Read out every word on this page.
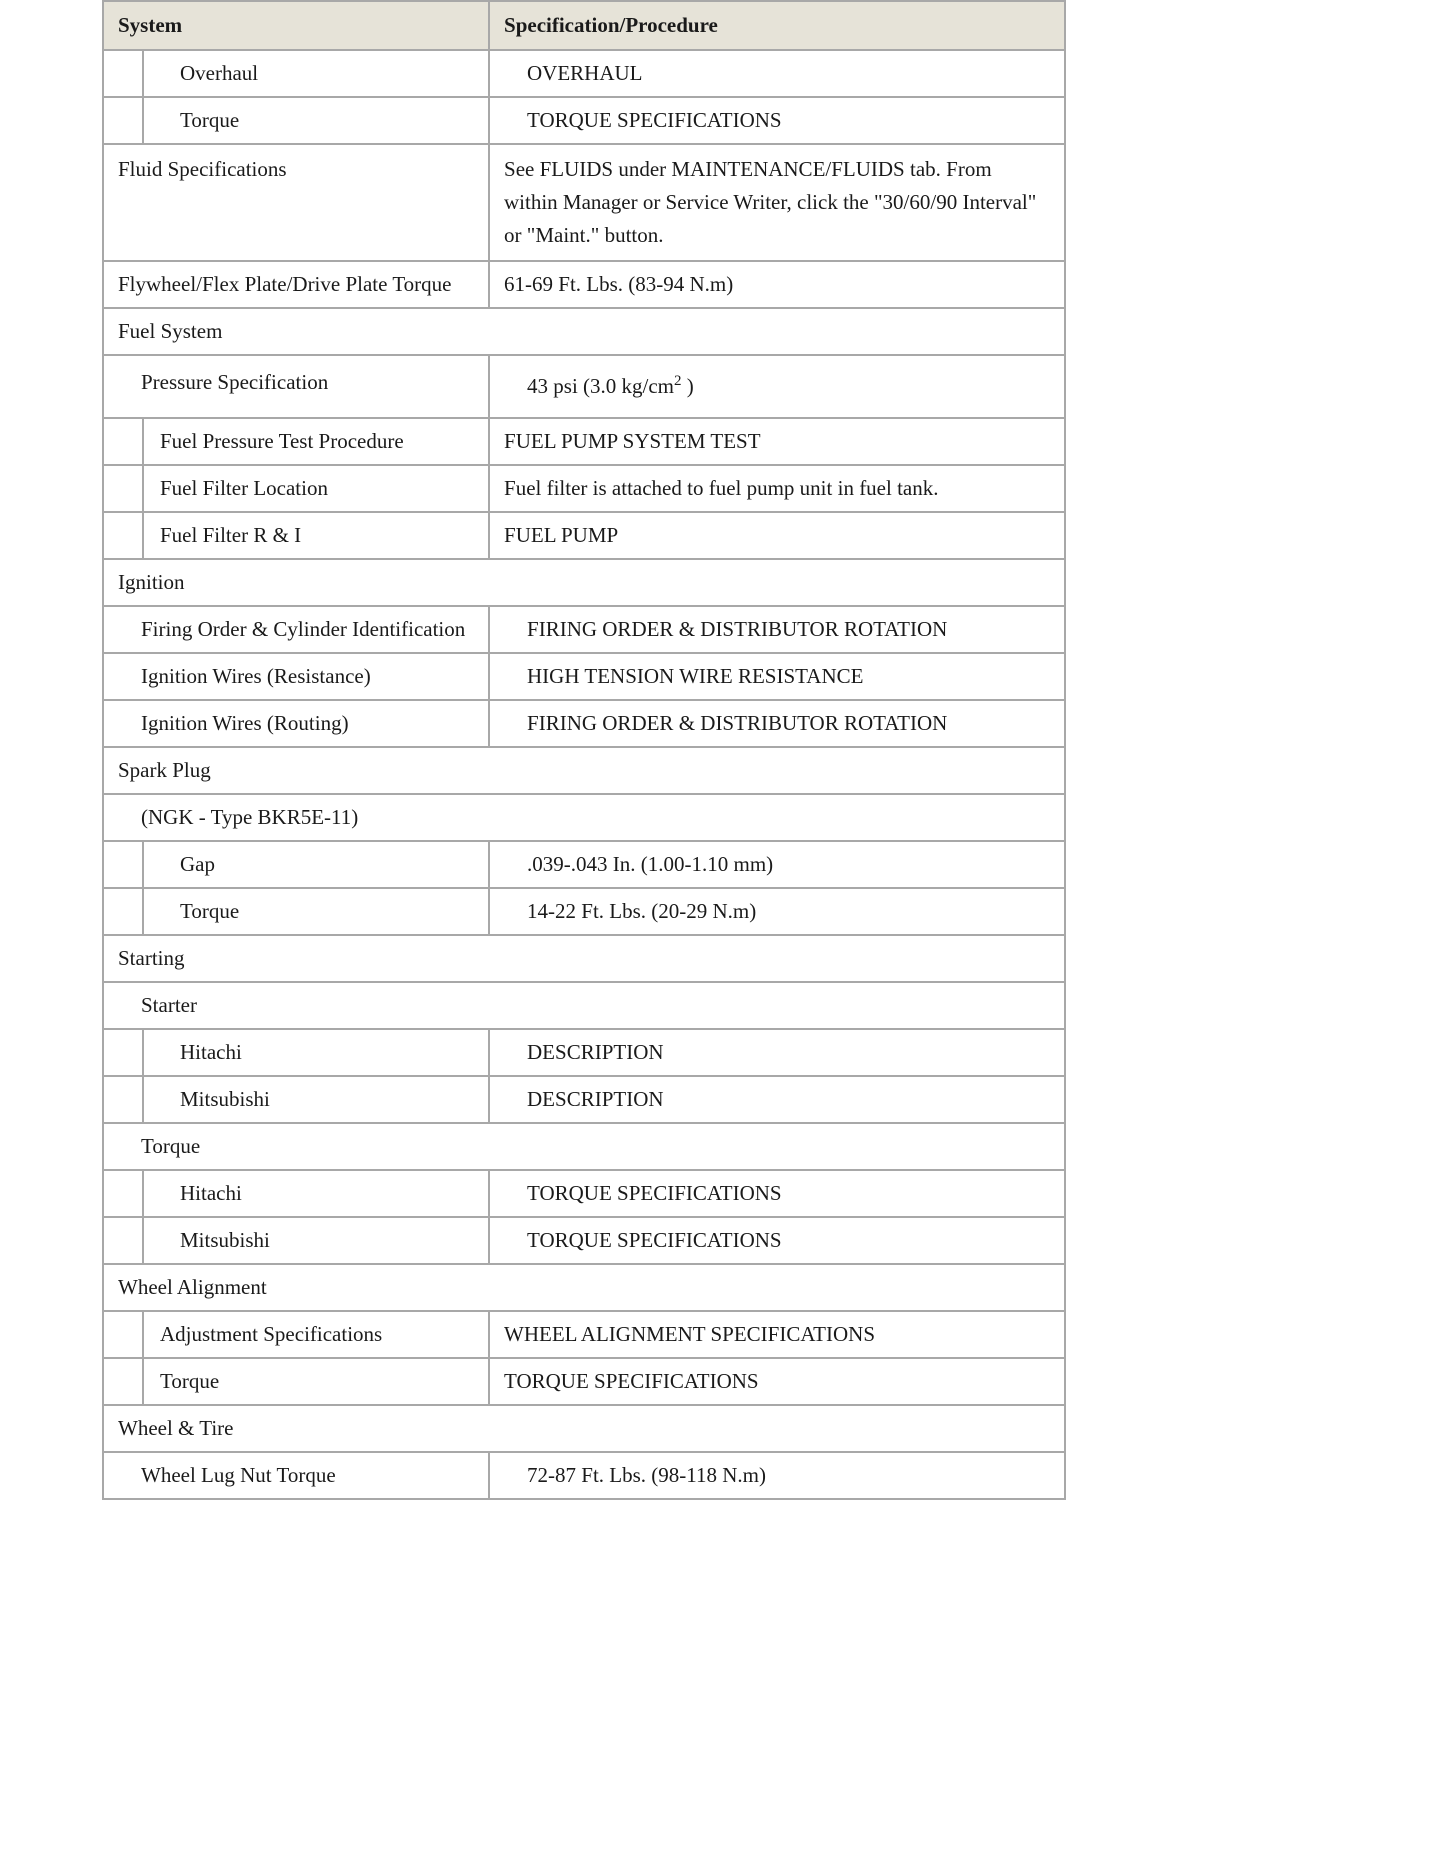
System		Specification/Procedure
	Overhaul	OVERHAUL
	Torque	TORQUE SPECIFICATIONS
Fluid Specifications		See FLUIDS under MAINTENANCE/FLUIDS tab. From within Manager or Service Writer, click the "30/60/90 Interval" or "Maint." button.
Flywheel/Flex Plate/Drive Plate Torque		61-69 Ft. Lbs. (83-94 N.m)
Fuel System		
Pressure Specification		43 psi (3.0 $kg/cm^2$ )
	Fuel Pressure Test Procedure	FUEL PUMP SYSTEM TEST
	Fuel Filter Location	Fuel filter is attached to fuel pump unit in fuel tank.
	Fuel Filter R & I	FUEL PUMP
Ignition		
Firing Order & Cylinder Identification		FIRING ORDER & DISTRIBUTOR ROTATION
Ignition Wires (Resistance)		HIGH TENSION WIRE RESISTANCE
Ignition Wires (Routing)		FIRING ORDER & DISTRIBUTOR ROTATION
Spark Plug		
(NGK - Type BKR5E-11)		
	Gap	.039-.043 In. (1.00-1.10 mm)
	Torque	14-22 Ft. Lbs. (20-29 N.m)
Starting		
Starter		
	Hitachi	DESCRIPTION
	Mitsubishi	DESCRIPTION
Torque		
	Hitachi	TORQUE SPECIFICATIONS
	Mitsubishi	TORQUE SPECIFICATIONS
Wheel Alignment		
	Adjustment Specifications	WHEEL ALIGNMENT SPECIFICATIONS
	Torque	TORQUE SPECIFICATIONS
Wheel & Tire		
Wheel Lug Nut Torque		72-87 Ft. Lbs. (98-118 N.m)
